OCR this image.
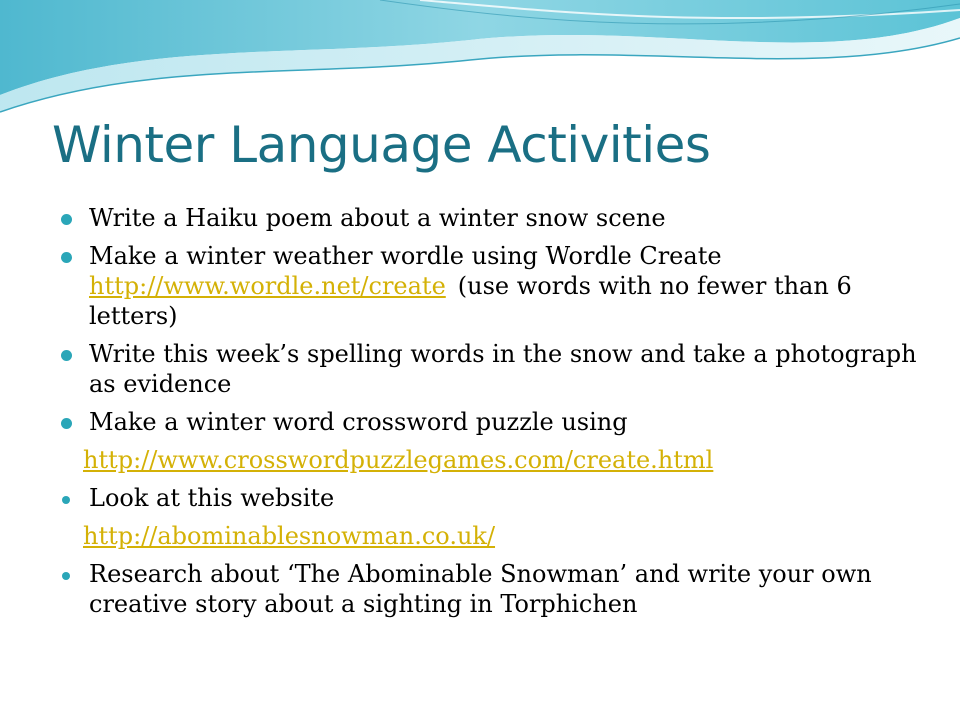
Winter Language Activities
Write a Haiku poem about a winter snow scene
Make a winter weather wordle using Wordle Create http://www.wordle.net/create (use words with no fewer than 6 letters)
Write this week’s spelling words in the snow and take a photograph as evidence
Make a winter word crossword puzzle using
http://www.crosswordpuzzlegames.com/create.html
Look at this website
http://abominablesnowman.co.uk/
Research about ‘The Abominable Snowman’ and write your own creative story about a sighting in Torphichen
